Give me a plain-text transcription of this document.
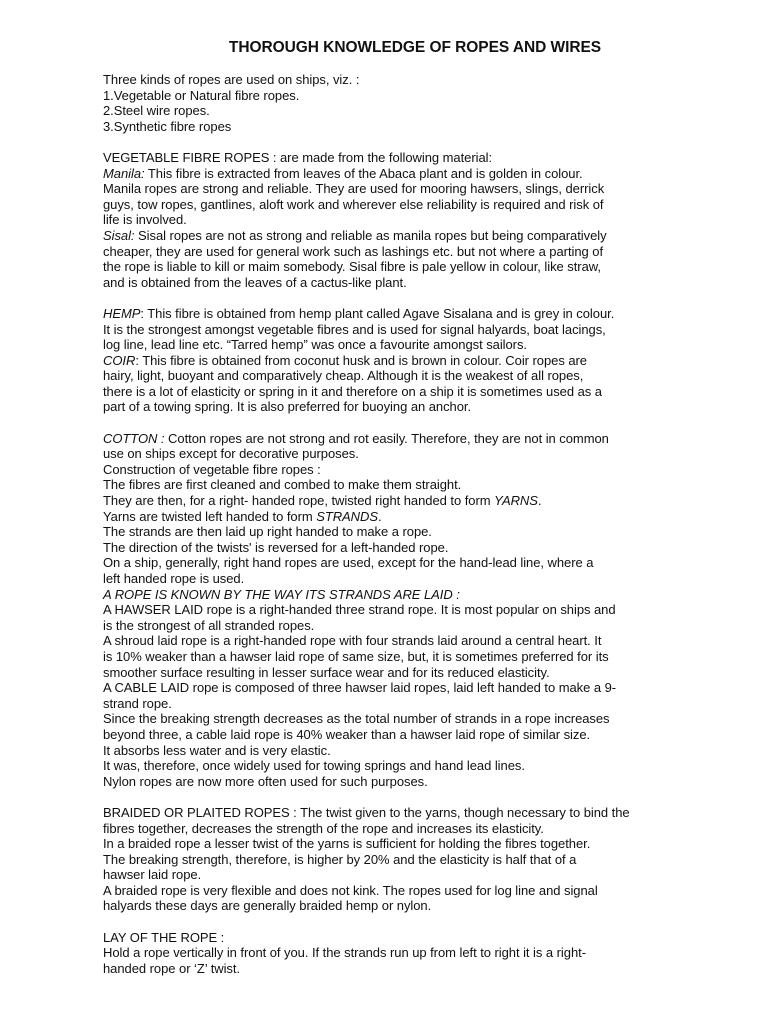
THOROUGH KNOWLEDGE OF ROPES AND WIRES
Three kinds of ropes are used on ships, viz. :
1.Vegetable or Natural fibre ropes.
2.Steel wire ropes.
3.Synthetic fibre ropes
VEGETABLE FIBRE ROPES : are made from the following material:
Manila: This fibre is extracted from leaves of the Abaca plant and is golden in colour.
Manila ropes are strong and reliable. They are used for mooring hawsers, slings, derrick
guys, tow ropes, gantlines, aloft work and wherever else reliability is required and risk of
life is involved.
Sisal: Sisal ropes are not as strong and reliable as manila ropes but being comparatively
cheaper, they are used for general work such as lashings etc. but not where a parting of
the rope is liable to kill or maim somebody. Sisal fibre is pale yellow in colour, like straw,
and is obtained from the leaves of a cactus-like plant.
HEMP: This fibre is obtained from hemp plant called Agave Sisalana and is grey in colour.
It is the strongest amongst vegetable fibres and is used for signal halyards, boat lacings,
log line, lead line etc. “Tarred hemp” was once a favourite amongst sailors.
COIR: This fibre is obtained from coconut husk and is brown in colour. Coir ropes are
hairy, light, buoyant and comparatively cheap. Although it is the weakest of all ropes,
there is a lot of elasticity or spring in it and therefore on a ship it is sometimes used as a
part of a towing spring. It is also preferred for buoying an anchor.
COTTON : Cotton ropes are not strong and rot easily. Therefore, they are not in common
use on ships except for decorative purposes.
Construction of vegetable fibre ropes :
The fibres are first cleaned and combed to make them straight.
They are then, for a right- handed rope, twisted right handed to form YARNS.
Yarns are twisted left handed to form STRANDS.
The strands are then laid up right handed to make a rope.
The direction of the twists' is reversed for a left-handed rope.
On a ship, generally, right hand ropes are used, except for the hand-lead line, where a
left handed rope is used.
A ROPE IS KNOWN BY THE WAY ITS STRANDS ARE LAID :
A HAWSER LAID rope is a right-handed three strand rope. It is most popular on ships and
is the strongest of all stranded ropes.
A shroud laid rope is a right-handed rope with four strands laid around a central heart. It
is 10% weaker than a hawser laid rope of same size, but, it is sometimes preferred for its
smoother surface resulting in lesser surface wear and for its reduced elasticity.
A CABLE LAID rope is composed of three hawser laid ropes, laid left handed to make a 9-
strand rope.
Since the breaking strength decreases as the total number of strands in a rope increases
beyond three, a cable laid rope is 40% weaker than a hawser laid rope of similar size.
It absorbs less water and is very elastic.
It was, therefore, once widely used for towing springs and hand lead lines.
Nylon ropes are now more often used for such purposes.
BRAIDED OR PLAITED ROPES : The twist given to the yarns, though necessary to bind the
fibres together, decreases the strength of the rope and increases its elasticity.
In a braided rope a lesser twist of the yarns is sufficient for holding the fibres together.
The breaking strength, therefore, is higher by 20% and the elasticity is half that of a
hawser laid rope.
A braided rope is very flexible and does not kink. The ropes used for log line and signal
halyards these days are generally braided hemp or nylon.
LAY OF THE ROPE :
Hold a rope vertically in front of you. If the strands run up from left to right it is a right-
handed rope or ‘Z’ twist.
